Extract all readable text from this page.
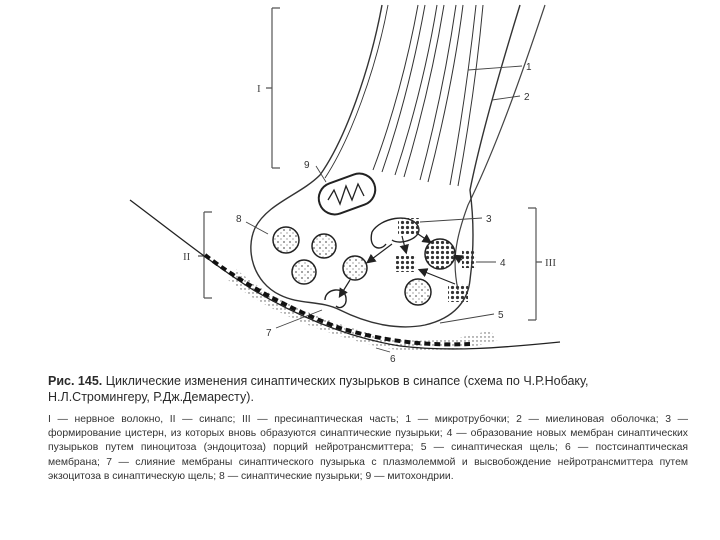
I
II	III
1
2
3
4
5
6
7
8
9

Рис. 145. Циклические изменения синаптических пузырьков в синапсе (схема по Ч.Р.Нобаку, Н.Л.Стромингеру, Р.Дж.Демаресту).

I — нервное волокно, II — синапс; III — пресинаптическая часть; 1 — микротрубочки; 2 — миелиновая оболочка; 3 — формирование цистерн, из которых вновь образуются синаптические пузырьки; 4 — образование новых мембран синаптических пузырьков путем пиноцитоза (эндоцитоза) порций нейротрансмиттера; 5 — синаптическая щель; 6 — постсинаптическая мембрана; 7 — слияние мембраны синаптического пузырька с плазмолеммой и высвобождение нейротрансмиттера путем экзоцитоза в синаптическую щель; 8 — синаптические пузырьки; 9 — митохондрии.
